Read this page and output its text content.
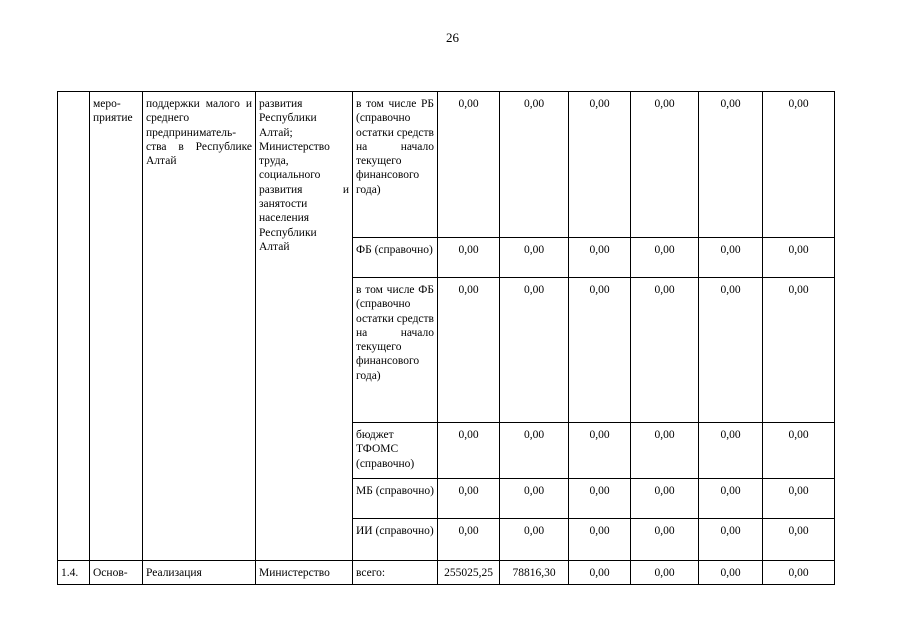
26
	меро-приятие	поддержки малого и среднего предприниматель-ства в Республике Алтай	развития Республики Алтай; Министерство труда, социального развития и занятости населения Республики Алтай	в том числе РБ (справочно остатки средств на начало текущего финансового года)	0,00	0,00	0,00	0,00	0,00	0,00
				ФБ (справочно)	0,00	0,00	0,00	0,00	0,00	0,00
				в том числе ФБ (справочно остатки средств на начало текущего финансового года)	0,00	0,00	0,00	0,00	0,00	0,00
				бюджет ТФОМС (справочно)	0,00	0,00	0,00	0,00	0,00	0,00
				МБ (справочно)	0,00	0,00	0,00	0,00	0,00	0,00
				ИИ (справочно)	0,00	0,00	0,00	0,00	0,00	0,00
1.4.	Основ-	Реализация	Министерство	всего:	255025,25	78816,30	0,00	0,00	0,00	0,00
